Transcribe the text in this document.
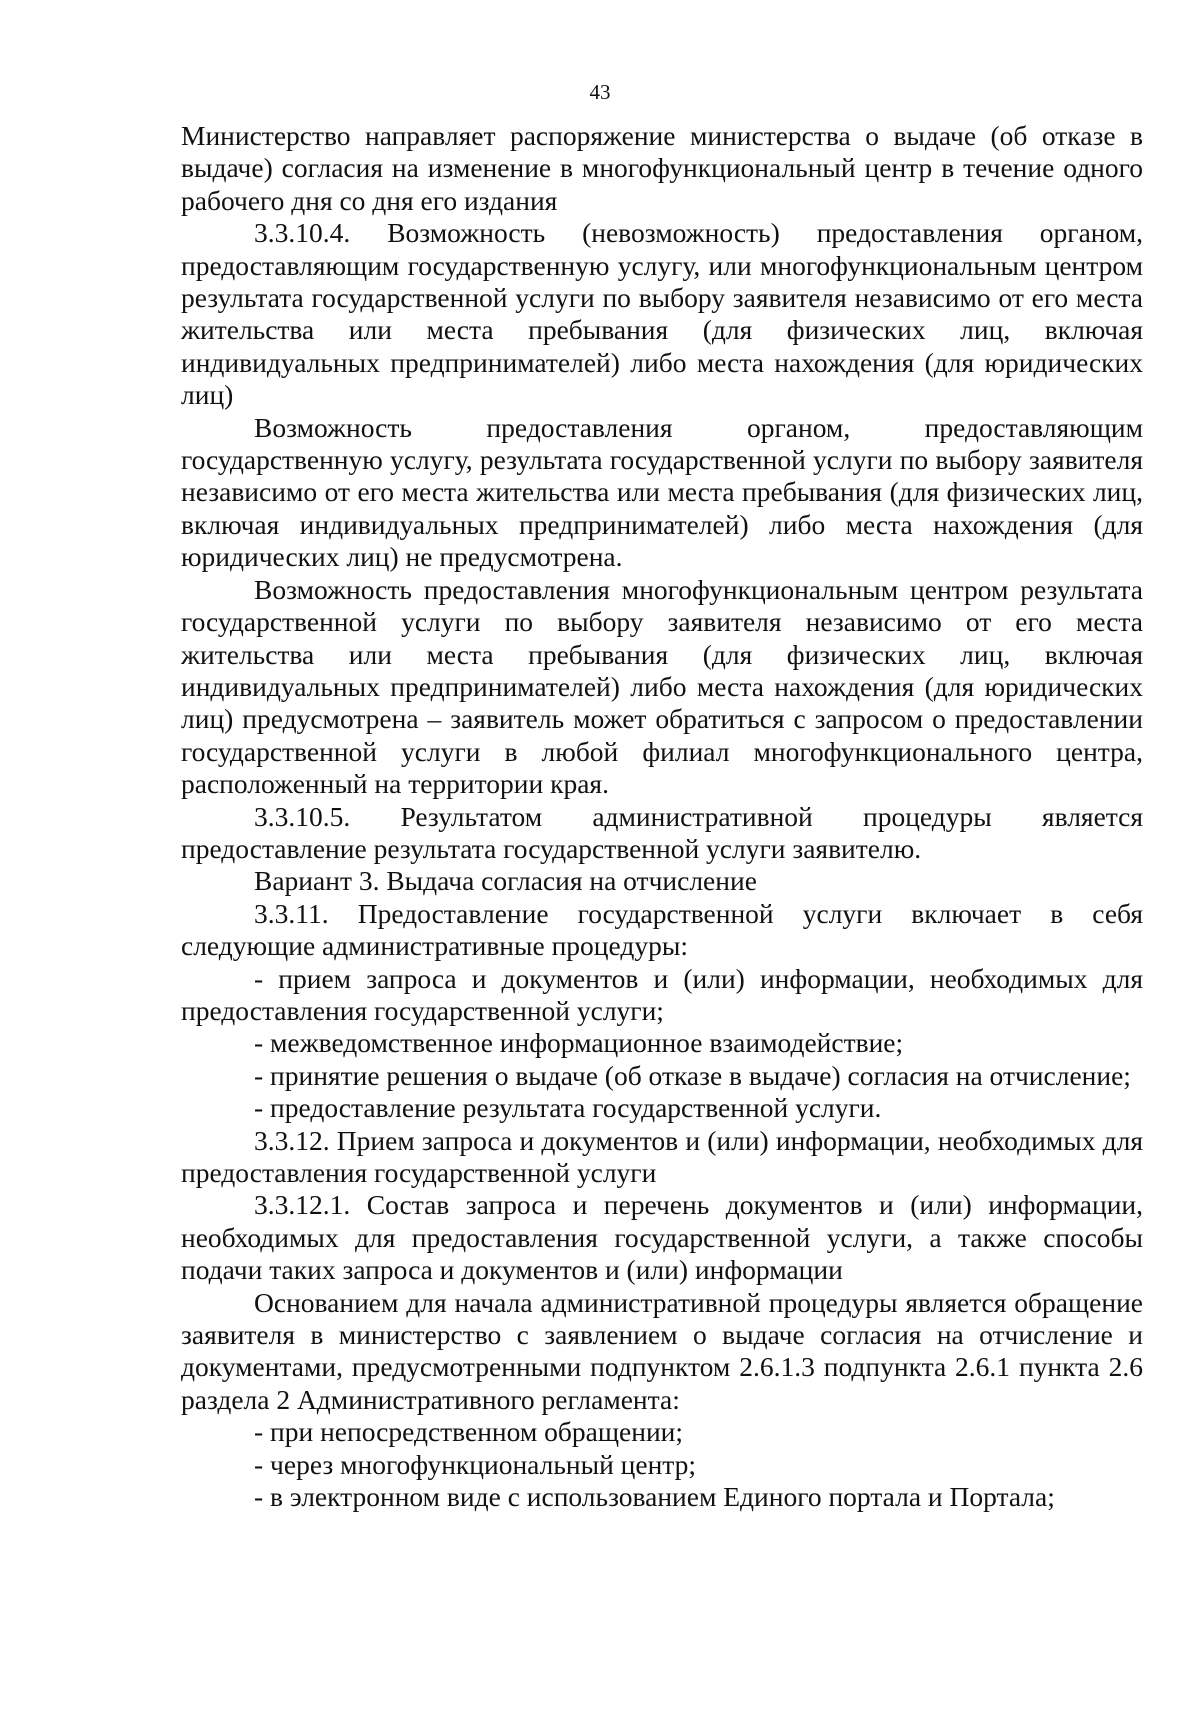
43

Министерство направляет распоряжение министерства о выдаче (об отказе в выдаче) согласия на изменение в многофункциональный центр в течение одного рабочего дня со дня его издания

3.3.10.4. Возможность (невозможность) предоставления органом, предоставляющим государственную услугу, или многофункциональным центром результата государственной услуги по выбору заявителя независимо от его места жительства или места пребывания (для физических лиц, включая индивидуальных предпринимателей) либо места нахождения (для юридических лиц)

Возможность предоставления органом, предоставляющим государственную услугу, результата государственной услуги по выбору заявителя независимо от его места жительства или места пребывания (для физических лиц, включая индивидуальных предпринимателей) либо места нахождения (для юридических лиц) не предусмотрена.

Возможность предоставления многофункциональным центром результата государственной услуги по выбору заявителя независимо от его места жительства или места пребывания (для физических лиц, включая индивидуальных предпринимателей) либо места нахождения (для юридических лиц) предусмотрена – заявитель может обратиться с запросом о предоставлении государственной услуги в любой филиал многофункционального центра, расположенный на территории края.

3.3.10.5. Результатом административной процедуры является предоставление результата государственной услуги заявителю.

Вариант 3. Выдача согласия на отчисление

3.3.11. Предоставление государственной услуги включает в себя следующие административные процедуры:

- прием запроса и документов и (или) информации, необходимых для предоставления государственной услуги;

- межведомственное информационное взаимодействие;

- принятие решения о выдаче (об отказе в выдаче) согласия на отчисление;

- предоставление результата государственной услуги.

3.3.12. Прием запроса и документов и (или) информации, необходимых для предоставления государственной услуги

3.3.12.1. Состав запроса и перечень документов и (или) информации, необходимых для предоставления государственной услуги, а также способы подачи таких запроса и документов и (или) информации

Основанием для начала административной процедуры является обращение заявителя в министерство с заявлением о выдаче согласия на отчисление и документами, предусмотренными подпунктом 2.6.1.3 подпункта 2.6.1 пункта 2.6 раздела 2 Административного регламента:

- при непосредственном обращении;

- через многофункциональный центр;

- в электронном виде с использованием Единого портала и Портала;
